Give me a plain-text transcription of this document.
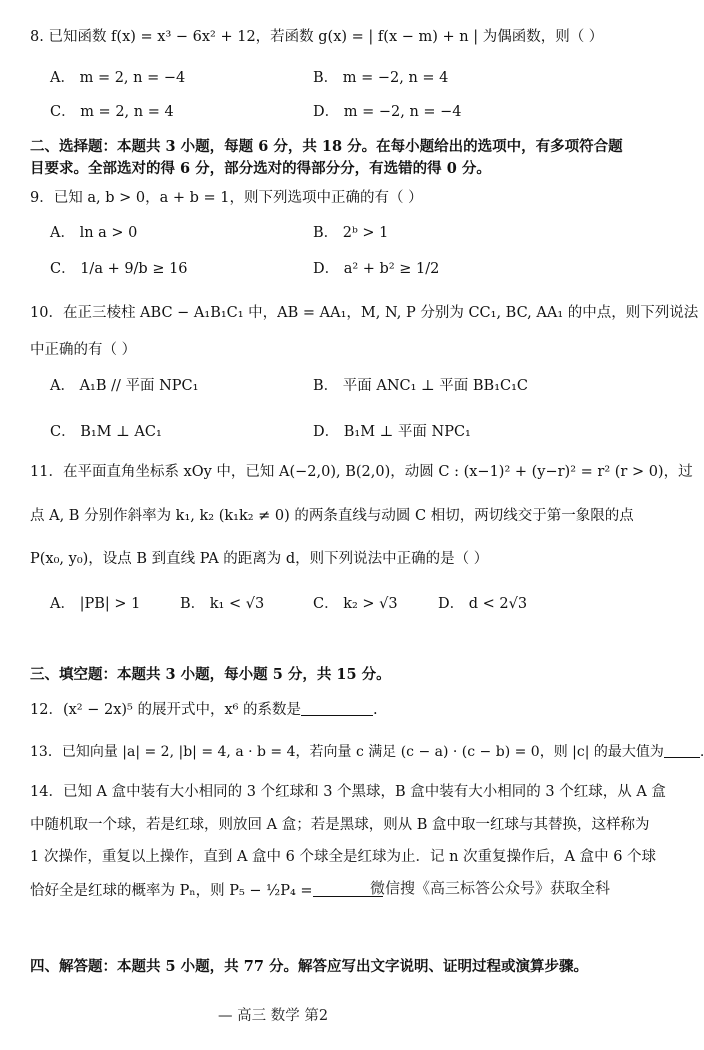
8. 已知函数 f(x) = x³ − 6x² + 12，若函数 g(x) = | f(x − m) + n | 为偶函数，则（ ）
A． m = 2, n = −4	B． m = −2, n = 4
C． m = 2, n = 4	D． m = −2, n = −4
二、选择题：本题共 3 小题，每题 6 分，共 18 分。在每小题给出的选项中，有多项符合题目要求。全部选对的得 6 分，部分选对的得部分分，有选错的得 0 分。
9．已知 a, b > 0，a + b = 1，则下列选项中正确的有（ ）
A． ln a > 0	B． 2ᵇ > 1
C． 1/a + 9/b ≥ 16	D． a² + b² ≥ 1/2
10．在正三棱柱 ABC − A₁B₁C₁ 中，AB = AA₁，M, N, P 分别为 CC₁, BC, AA₁ 的中点，则下列说法
中正确的有（ ）
A． A₁B // 平面 NPC₁	B． 平面 ANC₁ ⊥ 平面 BB₁C₁C
C． B₁M ⊥ AC₁	D． B₁M ⊥ 平面 NPC₁
11．在平面直角坐标系 xOy 中，已知 A(−2,0), B(2,0)，动圆 C : (x−1)² + (y−r)² = r² (r > 0)，过
点 A, B 分别作斜率为 k₁, k₂ (k₁k₂ ≠ 0) 的两条直线与动圆 C 相切，两切线交于第一象限的点
P(x₀, y₀)，设点 B 到直线 PA 的距离为 d，则下列说法中正确的是（ ）
A． |PB| > 1	B． k₁ < √3	C． k₂ > √3	D． d < 2√3
三、填空题：本题共 3 小题，每小题 5 分，共 15 分。
12．(x² − 2x)⁵ 的展开式中，x⁶ 的系数是	.
13．已知向量 |a| = 2, |b| = 4, a · b = 4，若向量 c 满足 (c − a) · (c − b) = 0，则 |c| 的最大值为	.
14．已知 A 盒中装有大小相同的 3 个红球和 3 个黑球，B 盒中装有大小相同的 3 个红球，从 A 盒
中随机取一个球，若是红球，则放回 A 盒；若是黑球，则从 B 盒中取一红球与其替换，这样称为
1 次操作，重复以上操作，直到 A 盒中 6 个球全是红球为止．记 n 次重复操作后，A 盒中 6 个球
恰好全是红球的概率为 Pₙ，则 P₅ − ½P₄ =	微信搜《高三标答公众号》获取全科
四、解答题：本题共 5 小题，共 77 分。解答应写出文字说明、证明过程或演算步骤。
— 高三 数学 第2
